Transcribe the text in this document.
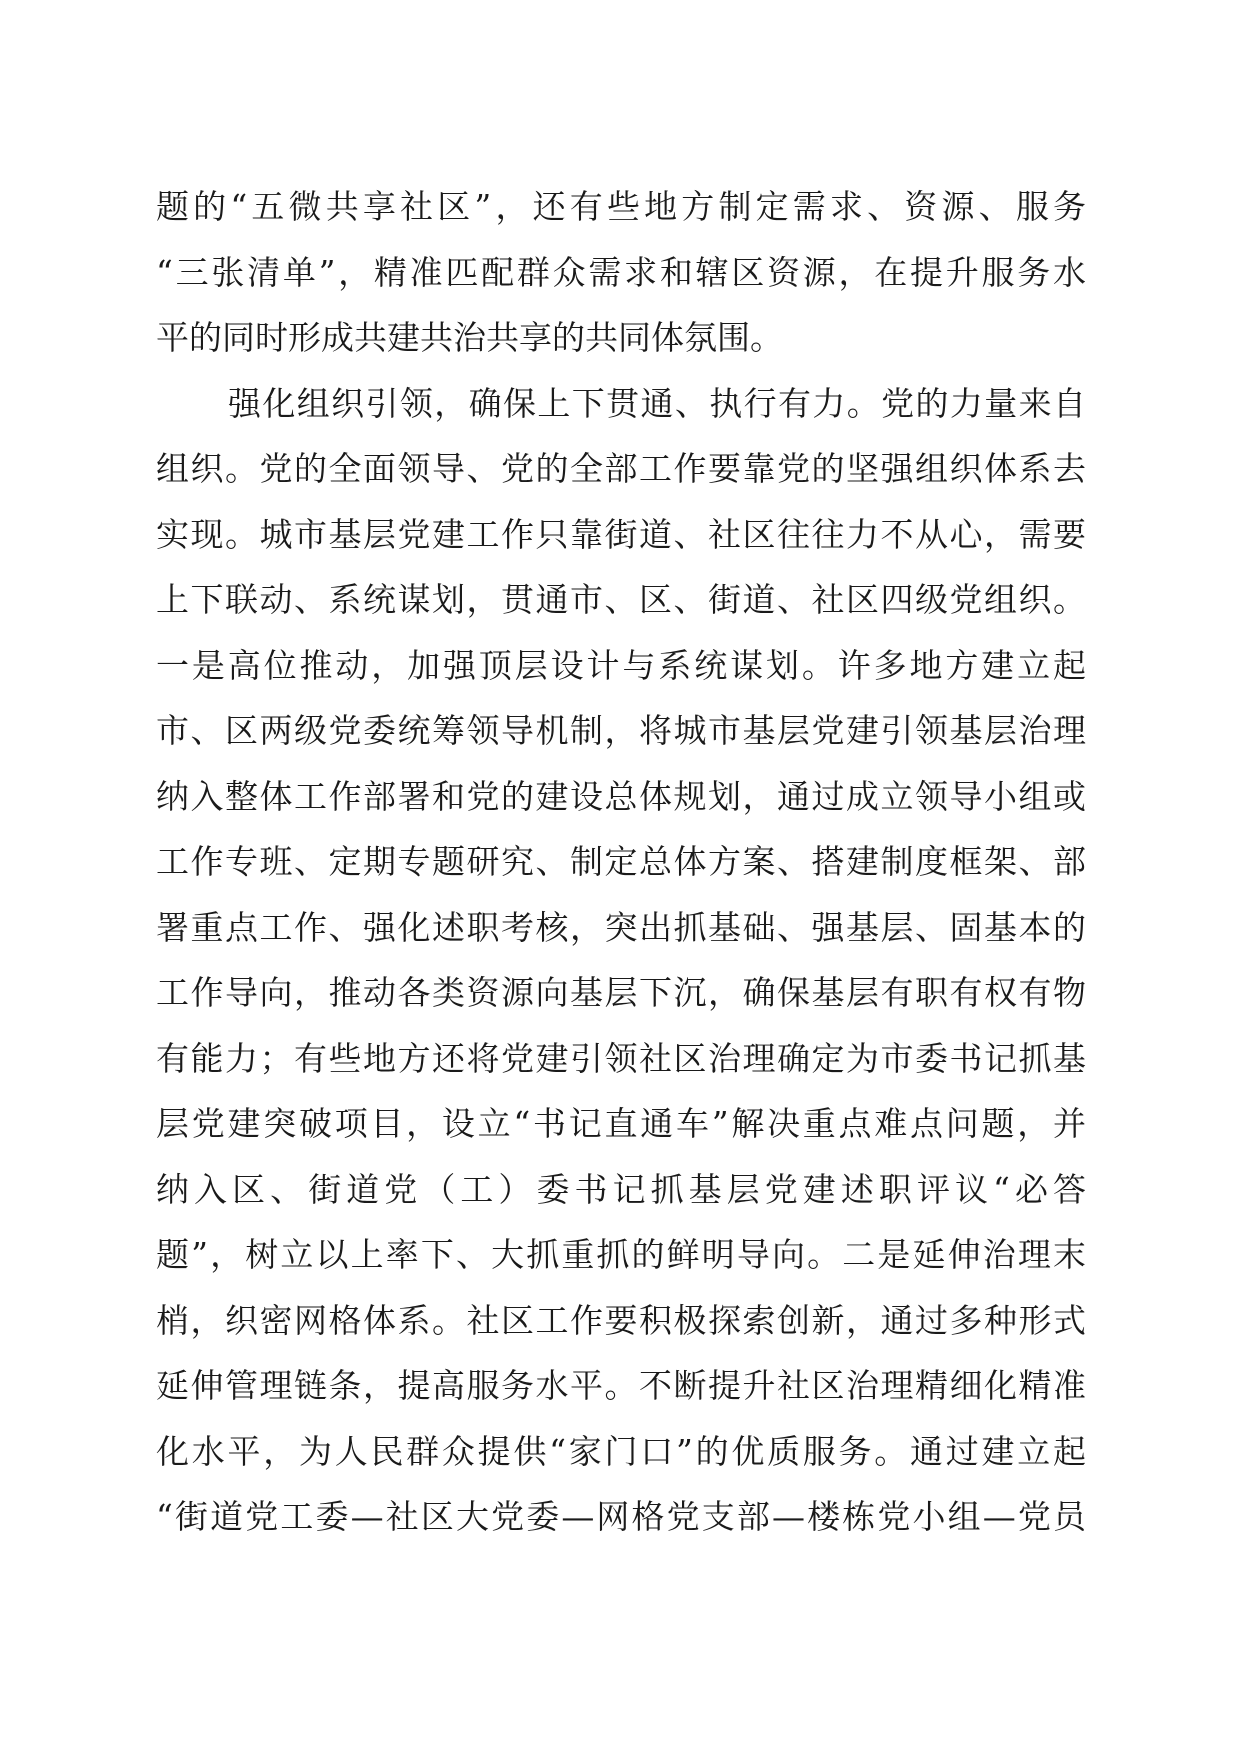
题的“五微共享社区”，还有些地方制定需求、资源、服务
“三张清单”，精准匹配群众需求和辖区资源，在提升服务水
平的同时形成共建共治共享的共同体氛围。
强化组织引领，确保上下贯通、执行有力。党的力量来自
组织。党的全面领导、党的全部工作要靠党的坚强组织体系去
实现。城市基层党建工作只靠街道、社区往往力不从心，需要
上下联动、系统谋划，贯通市、区、街道、社区四级党组织。
一是高位推动，加强顶层设计与系统谋划。许多地方建立起
市、区两级党委统筹领导机制，将城市基层党建引领基层治理
纳入整体工作部署和党的建设总体规划，通过成立领导小组或
工作专班、定期专题研究、制定总体方案、搭建制度框架、部
署重点工作、强化述职考核，突出抓基础、强基层、固基本的
工作导向，推动各类资源向基层下沉，确保基层有职有权有物
有能力；有些地方还将党建引领社区治理确定为市委书记抓基
层党建突破项目，设立“书记直通车”解决重点难点问题，并
纳入区、街道党（工）委书记抓基层党建述职评议“必答
题”，树立以上率下、大抓重抓的鲜明导向。二是延伸治理末
梢，织密网格体系。社区工作要积极探索创新，通过多种形式
延伸管理链条，提高服务水平。不断提升社区治理精细化精准
化水平，为人民群众提供“家门口”的优质服务。通过建立起
“街道党工委—社区大党委—网格党支部—楼栋党小组—党员
